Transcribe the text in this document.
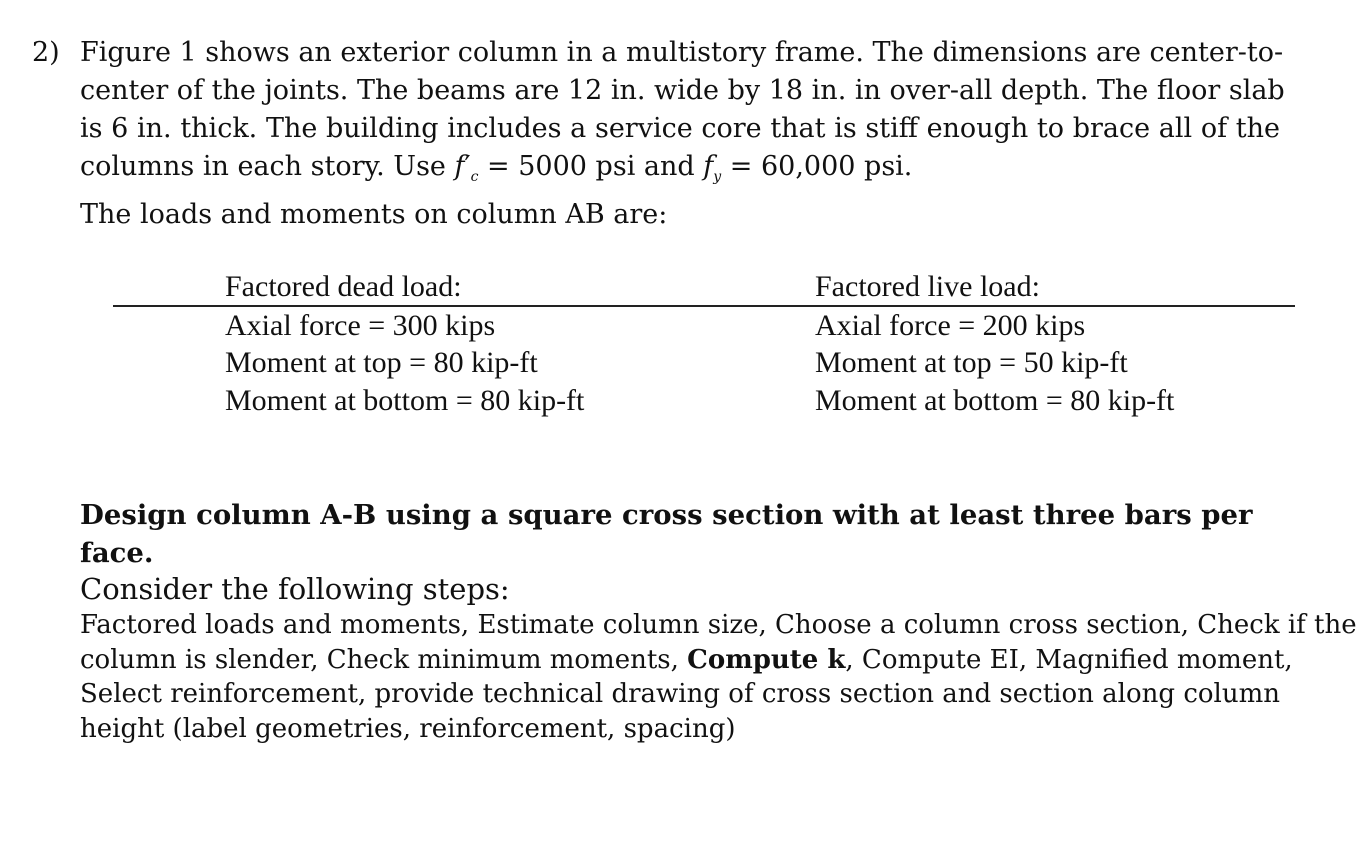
2) Figure 1 shows an exterior column in a multistory frame. The dimensions are center-to-
center of the joints. The beams are 12 in. wide by 18 in. in over-all depth. The floor slab
is 6 in. thick. The building includes a service core that is stiff enough to brace all of the
columns in each story. Use $f'_c = 5000$ psi and $f_y = 60,000$ psi.

The loads and moments on column AB are:

Factored dead load:
Axial force = 300 kips
Moment at top = 80 kip-ft
Moment at bottom = 80 kip-ft
Factored live load:
Axial force = 200 kips
Moment at top = 50 kip-ft
Moment at bottom = 80 kip-ft

Design column A-B using a square cross section with at least three bars per face.

Consider the following steps:

Factored loads and moments, Estimate column size, Choose a column cross section, Check if the
column is slender, Check minimum moments, Compute k, Compute EI, Magnified moment,
Select reinforcement, provide technical drawing of cross section and section along column
height (label geometries, reinforcement, spacing)
